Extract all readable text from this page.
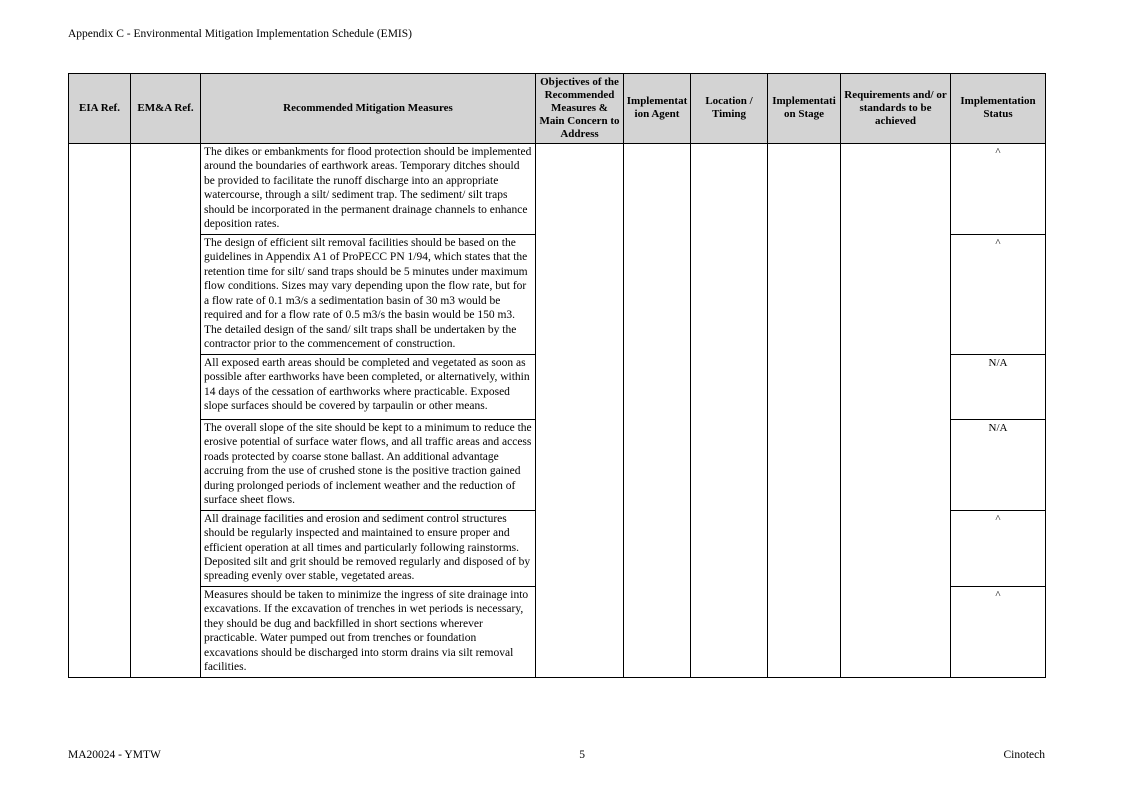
Appendix C - Environmental Mitigation Implementation Schedule (EMIS)
EIA Ref.	EM&A Ref.	Recommended Mitigation Measures	Objectives of the Recommended Measures & Main Concern to Address	Implementation Agent	Location / Timing	Implementation Stage	Requirements and/ or standards to be achieved	Implementation Status
		The dikes or embankments for flood protection should be implemented around the boundaries of earthwork areas. Temporary ditches should be provided to facilitate the runoff discharge into an appropriate watercourse, through a silt/ sediment trap. The sediment/ silt traps should be incorporated in the permanent drainage channels to enhance deposition rates.						^
		The design of efficient silt removal facilities should be based on the guidelines in Appendix A1 of ProPECC PN 1/94, which states that the retention time for silt/ sand traps should be 5 minutes under maximum flow conditions. Sizes may vary depending upon the flow rate, but for a flow rate of 0.1 m3/s a sedimentation basin of 30 m3 would be required and for a flow rate of 0.5 m3/s the basin would be 150 m3. The detailed design of the sand/ silt traps shall be undertaken by the contractor prior to the commencement of construction.						^
		All exposed earth areas should be completed and vegetated as soon as possible after earthworks have been completed, or alternatively, within 14 days of the cessation of earthworks where practicable. Exposed slope surfaces should be covered by tarpaulin or other means.						N/A
		The overall slope of the site should be kept to a minimum to reduce the erosive potential of surface water flows, and all traffic areas and access roads protected by coarse stone ballast. An additional advantage accruing from the use of crushed stone is the positive traction gained during prolonged periods of inclement weather and the reduction of surface sheet flows.						N/A
		All drainage facilities and erosion and sediment control structures should be regularly inspected and maintained to ensure proper and efficient operation at all times and particularly following rainstorms. Deposited silt and grit should be removed regularly and disposed of by spreading evenly over stable, vegetated areas.						^
		Measures should be taken to minimize the ingress of site drainage into excavations. If the excavation of trenches in wet periods is necessary, they should be dug and backfilled in short sections wherever practicable. Water pumped out from trenches or foundation excavations should be discharged into storm drains via silt removal facilities.						^
MA20024 - YMTW	5	Cinotech
